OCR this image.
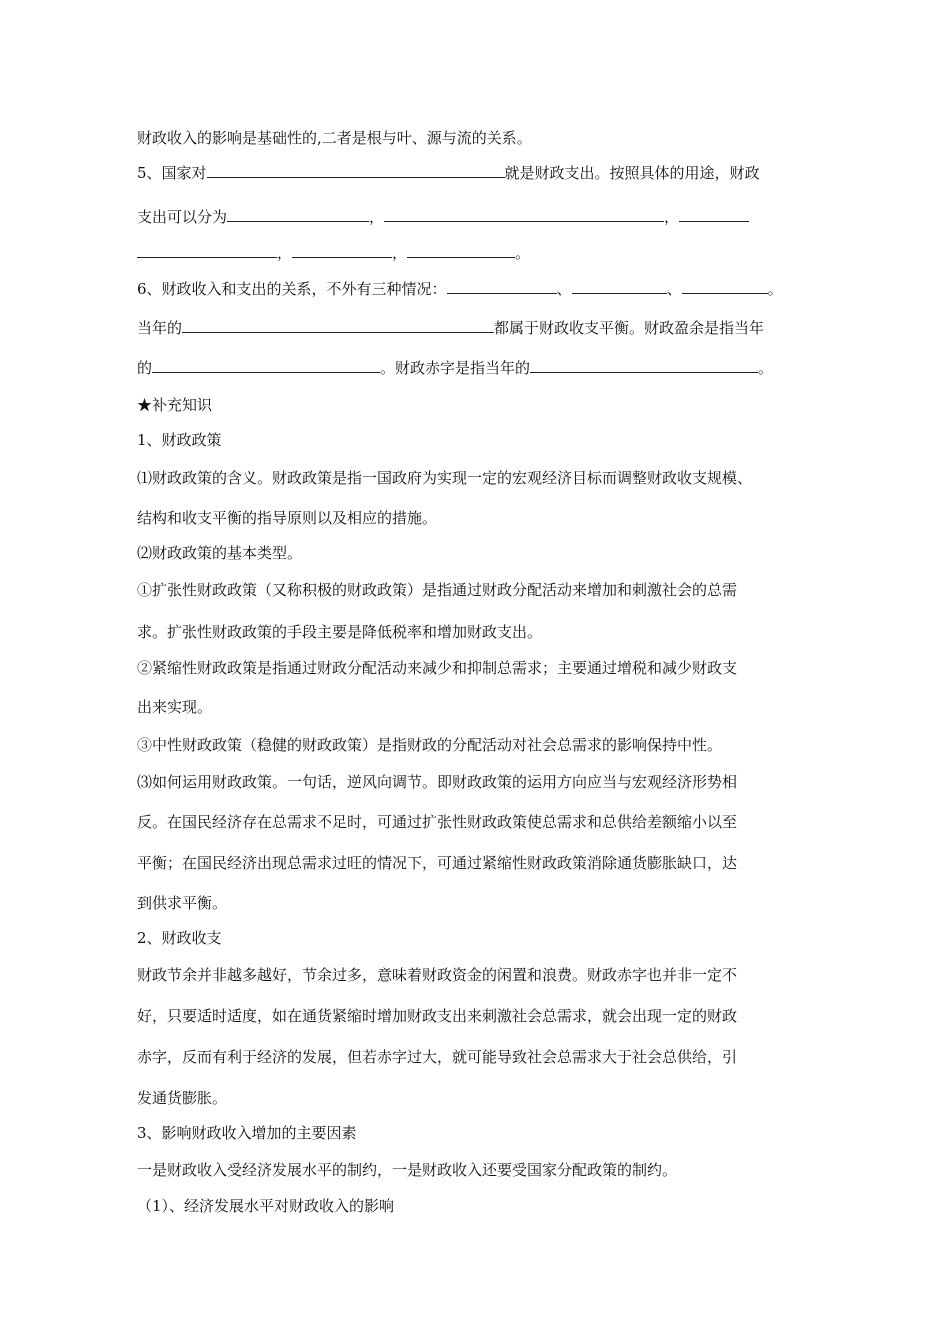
财政收入的影响是基础性的,二者是根与叶、源与流的关系。
5、国家对	就是财政支出。按照具体的用途，财政
支出可以分为	，	，
，	，	。
6、财政收入和支出的关系，不外有三种情况：	、	、	。
当年的	都属于财政收支平衡。财政盈余是指当年
的	。财政赤字是指当年的	。
★补充知识
1、财政政策
⑴财政政策的含义。财政政策是指一国政府为实现一定的宏观经济目标而调整财政收支规模、
结构和收支平衡的指导原则以及相应的措施。
⑵财政政策的基本类型。
①扩张性财政政策（又称积极的财政政策）是指通过财政分配活动来增加和刺激社会的总需
求。扩张性财政政策的手段主要是降低税率和增加财政支出。
②紧缩性财政政策是指通过财政分配活动来减少和抑制总需求；主要通过增税和减少财政支
出来实现。
③中性财政政策（稳健的财政政策）是指财政的分配活动对社会总需求的影响保持中性。
⑶如何运用财政政策。一句话，逆风向调节。即财政政策的运用方向应当与宏观经济形势相
反。在国民经济存在总需求不足时，可通过扩张性财政政策使总需求和总供给差额缩小以至
平衡；在国民经济出现总需求过旺的情况下，可通过紧缩性财政政策消除通货膨胀缺口，达
到供求平衡。
2、财政收支
财政节余并非越多越好，节余过多，意味着财政资金的闲置和浪费。财政赤字也并非一定不
好，只要适时适度，如在通货紧缩时增加财政支出来刺激社会总需求，就会出现一定的财政
赤字，反而有利于经济的发展，但若赤字过大，就可能导致社会总需求大于社会总供给，引
发通货膨胀。
3、影响财政收入增加的主要因素
一是财政收入受经济发展水平的制约，一是财政收入还要受国家分配政策的制约。
（1）、经济发展水平对财政收入的影响
